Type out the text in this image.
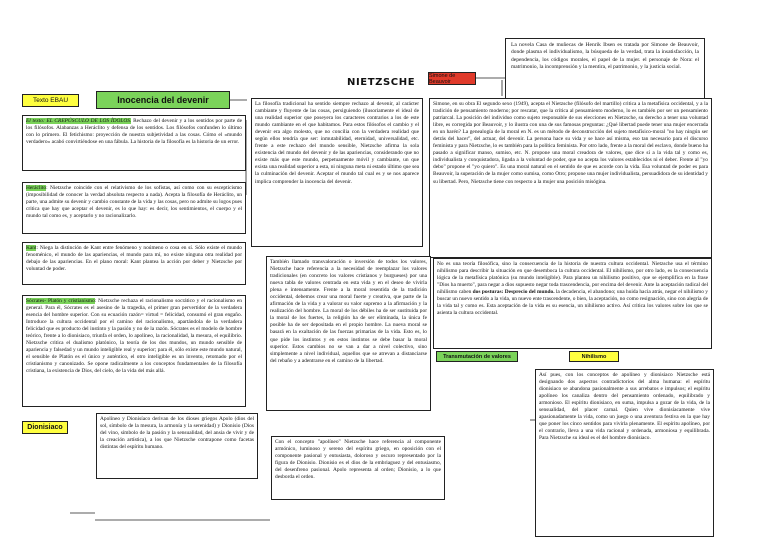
NIETZSCHE
La novela Casa de muñecas de Henrik Ibsen es tratada por Simone de Beauvoir, donde plasma el individualismo, la búsqueda de la verdad, trata la insatisfacción, la dependencia, los códigos morales, el papel de la mujer. el personaje de Nora: el matrimonio, la incomprensión y la mentira, el patrimonio, y la justicia social.
Simone de Beauvoir
Texto EBAU	Inocencia del devenir
El texto: EL CREPÚSCULO DE LOS ÍDOLOS. Rechazo del devenir y a los sentidos por parte de los filósofos. Alabanzas a Heráclito y defensa de los sentidos. Los filósofos confunden lo último con lo primero. El fetichismo: proyección de nuestra subjetividad a las cosas. Cómo el «mundo verdadero» acabó convirtiéndose en una fábula. La historia de la filosofía es la historia de un error.
Heráclito: Nietzsche coincide con el relativismo de los sofistas, así como con su escepticismo (imposibilidad de conocer la verdad absoluta respecto a nada). Acepta la filosofía de Heráclito, un parte, una admite su devenir y cambio constante de la vida y las cosas, pero no admite su logos pues critica que hay que aceptar el devenir, es lo que hay: es decir, los sentimientos, el cuerpo y el mundo tal como es, y aceptarlo y no racionalizarlo.
Kant: Niega la distinción de Kant entre fenómeno y noúmeno o cosa en sí. Sólo existe el mundo fenoménico, el mundo de las apariencias, el mundo para mí, no existe ninguna otra realidad por debajo de las apariencias. En el plano moral: Kant plantea la acción por deber y Nietzsche por voluntad de poder.
Sócrates- Platón y cristianismo: Nietzsche rechaza el racionalismo socrático y el racionalismo en general. Para él, Sócrates es el asesino de la tragedia, el primer gran pervertidor de la verdadera esencia del hombre superior. Con su ecuación razón= virtud = felicidad, consumó el gran engaño. Introduce la cultura occidental por el camino del racionalismo, apartándola de la verdadera felicidad que es producto del instinto y la pasión y no de la razón. Sócrates es el modelo de hombre teórico, frente a lo dionisiaco, triunfa el orden, lo apolíneo, la racionalidad, la mesura, el equilibrio. Nietzsche critica el dualismo platónico, la teoría de los dos mundos, un mundo sensible de apariencia y falsedad y un mundo inteligible real y superior; para él, sólo existe este mundo natural, el sensible de Platón es el único y auténtico, el otro inteligible es un invento, retomado por el cristianismo y canonizado. Se opone radicalmente a los conceptos fundamentales de la filosofía cristiana, la existencia de Dios, del cielo, de la vida del más allá.
La filosofía tradicional ha sentido siempre rechazo al devenir, al carácter cambiante y fluyente de las cosas, persiguiendo (ilusoriamente el ideal de una realidad superior que poseyera los caracteres contrarios a los de este mundo cambiante en el que habitamos. Para estos filósofos el cambio y el devenir era algo molesto, que no concilia con la verdadera realidad que según ellos tendría que ser: inmutabilidad, eternidad, universalidad, etc. frente a este rechazo del mundo sensible, Nietzsche afirma la sola existencia del mundo del devenir y de las apariencias, considerando que no existe más que este mundo, perpetuamente móvil y cambiante, un que exista una realidad superior a esta, ni ninguna meta ni estado último que sea la culminación del devenir. Aceptar el mundo tal cual es y se nos aparece implica comprender la inocencia del devenir.
Simone, en su obra El segundo sexo (1949), acepta el Nietzsche (filósofo del martillo) critica a la metafísica occidental, y a la tradición de pensamiento moderno; por rescatar, que la crítica al pensamiento moderno, lo es también por ser un pensamiento patriarcal. La posición del individuo como sujeto responsable de sus elecciones en Nietzsche, su derecho a tener una voluntad libre, es corregida por Beauvoir, y lo ilustra con una de sus famosas preguntas: ¿Qué libertad puede tener una mujer encerrada en un harén? La genealogía de la moral en N. es un método de deconstrucción del sujeto metafísico-moral "no hay ningún ser detrás del hacer", del actuar, del devenir. La persona hace su vida y se hace así misma, eso tan necesario para el discurso feminista y para Nietzsche, lo es también para la política feminista. Por otro lado, frente a la moral del esclavo, donde bueno ha pasado a significar manso, sumiso, etc. N. propone una moral creadora de valores, que dice sí a la vida tal y como es, individualista y conquistadora, ligada a la voluntad de poder, que no acepta los valores establecidos ni el deber. Frente al "yo debo" propone el "yo quiero". Es una moral natural en el sentido de que es acorde con la vida. Esa voluntad de poder es para Beauvoir, la superación de la mujer como sumisa, como Otro; propone una mujer individualista, persuadidora de su identidad y su libertad. Pero, Nietzsche tiene con respecto a la mujer una posición misógina.
También llamado transvaloración o inversión de todos los valores, Nietzsche hace referencia a la necesidad de reemplazar los valores tradicionales (en concreto los valores cristianos y burgueses) por una nueva tabla de valores centrada en esta vida y en el deseo de vivirla plena e intensamente. Frente a la moral resentida de la tradición occidental, debemos crear una moral fuerte y creativa, que parte de la afirmación de la vida y a valorar su valor supremo a la afirmación y la realización del hombre. La moral de los débiles ha de ser sustituida por la moral de los fuertes, la religión ha de ser eliminada, la única fe posible ha de ser depositada en el propio hombre. La nueva moral se basará en la exaltación de las fuerzas primarias de la vida. Esto es, lo que pide los instintos y en estos instintos se debe basar la moral superior. Estos cambios no se van a dar a nivel colectivo, sino simplemente a nivel individual, aquellos que se atrevan a distanciarse del rebaño y a adentrarse en el camino de la libertad.
No es una teoría filosófica, sino la consecuencia de la historia de nuestra cultura occidental. Nietzsche usa el término nihilismo para describir la situación en que desemboca la cultura occidental. El nihilismo, por otro lado, es la consecuencia lógica de la metafísica platónica (su mundo inteligible). Para plantea un nihilismo positivo, que se ejemplifica en la frase "Dios ha muerto", para negar a dios supuesto negar toda trascendencia, por encima del devenir. Ante la aceptación radical del nihilismo caben dos posturas: Desprecio del mundo. la decadencia, el abandono; una huida hacia atrás, negar el nihilismo y buscar un nuevo sentido a la vida, un nuevo ente trascendente, o bien, la aceptación, no como resignación, sino con alegría de la vida tal y como es. Esta aceptación de la vida es su esencia, un nihilismo activo. Así critica los valores sobre los que se asienta la cultura occidental.
Transmutación de valores	Nihilismo
Dionisiaco
Apolíneo y Dionisíaco derivan de los dioses griegos Apolo (dios del sol, símbolo de la mesura, la armonía y la serenidad) y Dionisio (Dios del vino, símbolo de la pasión y la sensualidad, del ansia de vivir y de la creación artística), a los que Nietzsche contrapone como facetas distintas del espíritu humano.
Con el concepto "apolíneo" Nietzsche hace referencia al componente armónico, luminoso y sereno del espíritu griego, en oposición con el componente pasional y entusiasta, doloroso y oscuro representado por la figura de Dionisio. Dionisio es el dios de la embriaguez y del entusiasmo, del desenfreno pasional. Apolo representa al orden; Dionisio, a lo que desborda el orden.
Así pues, con los conceptos de apolíneo y dionisiaco Nietzsche está designando dos aspectos contradictorios del alma humana: el espíritu dionisiaco se abandona pasionalmente a sus arrebatos e impulsos; el espíritu apolíneo los canaliza dentro del pensamiento ordenado, equilibrado y armonioso. El espíritu dionisiaco, en suma, impulsa a gozar de la vida, de la sensualidad, del placer carnal. Quien vive dionisíacamente vive apasionadamente la vida, como un juego o una aventura festiva en la que hay que poner los cinco sentidos para vivirla plenamente. El espíritu apolíneo, por el contrario, lleva a una vida racional y ordenada, armoniosa y equilibrada. Para Nietzsche su ideal es el del hombre dionisiaco.
